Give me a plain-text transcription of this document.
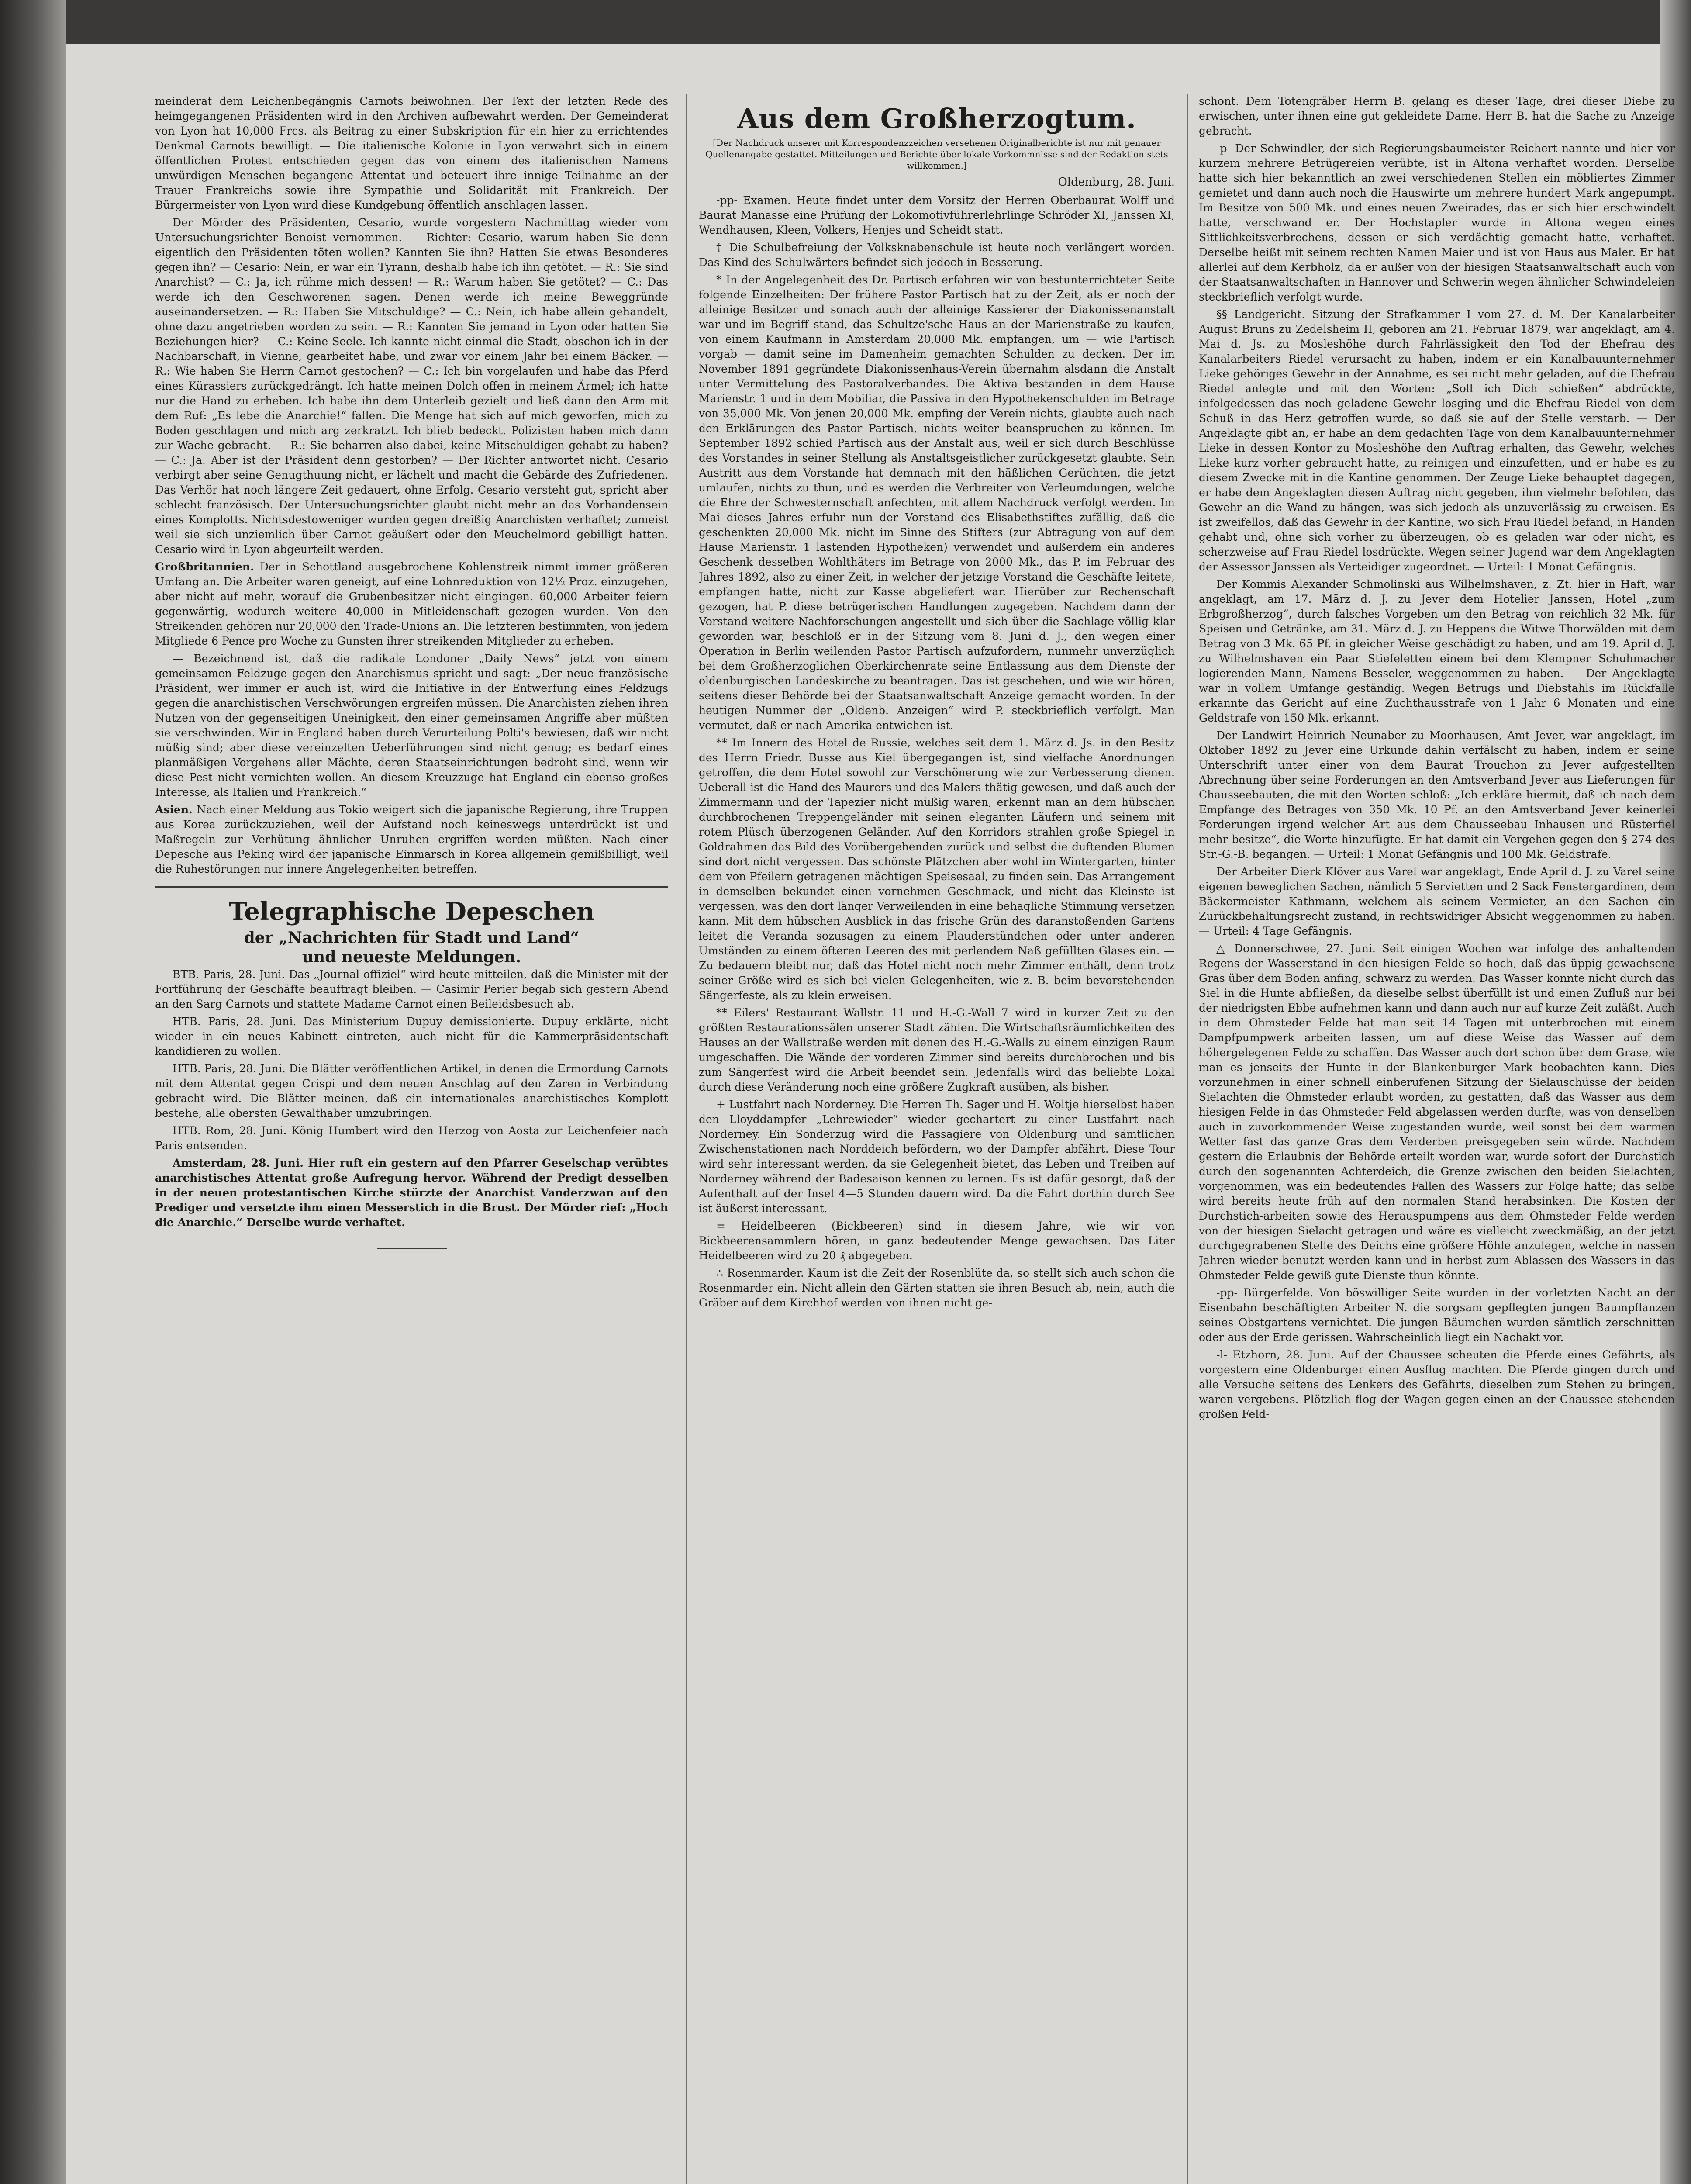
meinderat dem Leichenbegängnis Carnots beiwohnen. Der Text der letzten Rede des heimgegangenen Präsidenten wird in den Archiven aufbewahrt werden. Der Gemeinderat von Lyon hat 10,000 Frcs. als Beitrag zu einer Subskription für ein hier zu errichtendes Denkmal Carnots bewilligt. — Die italienische Kolonie in Lyon verwahrt sich in einem öffentlichen Protest entschieden gegen das von einem des italienischen Namens unwürdigen Menschen begangene Attentat und beteuert ihre innige Teilnahme an der Trauer Frankreichs sowie ihre Sympathie und Solidarität mit Frankreich. Der Bürgermeister von Lyon wird diese Kundgebung öffentlich anschlagen lassen.

Der Mörder des Präsidenten, Cesario, wurde vorgestern Nachmittag wieder vom Untersuchungsrichter Benoist vernommen. — Richter: Cesario, warum haben Sie denn eigentlich den Präsidenten töten wollen? Kannten Sie ihn? Hatten Sie etwas Besonderes gegen ihn? — Cesario: Nein, er war ein Tyrann, deshalb habe ich ihn getötet. — R.: Sie sind Anarchist? — C.: Ja, ich rühme mich dessen! — R.: Warum haben Sie getötet? — C.: Das werde ich den Geschworenen sagen. Denen werde ich meine Beweggründe auseinandersetzen. — R.: Haben Sie Mitschuldige? — C.: Nein, ich habe allein gehandelt, ohne dazu angetrieben worden zu sein. — R.: Kannten Sie jemand in Lyon oder hatten Sie Beziehungen hier? — C.: Keine Seele. Ich kannte nicht einmal die Stadt, obschon ich in der Nachbarschaft, in Vienne, gearbeitet habe, und zwar vor einem Jahr bei einem Bäcker. — R.: Wie haben Sie Herrn Carnot gestochen? — C.: Ich bin vorgelaufen und habe das Pferd eines Kürassiers zurückgedrängt. Ich hatte meinen Dolch offen in meinem Ärmel; ich hatte nur die Hand zu erheben. Ich habe ihn dem Unterleib gezielt und ließ dann den Arm mit dem Ruf: „Es lebe die Anarchie!“ fallen. Die Menge hat sich auf mich geworfen, mich zu Boden geschlagen und mich arg zerkratzt. Ich blieb bedeckt. Polizisten haben mich dann zur Wache gebracht. — R.: Sie beharren also dabei, keine Mitschuldigen gehabt zu haben? — C.: Ja. Aber ist der Präsident denn gestorben? — Der Richter antwortet nicht. Cesario verbirgt aber seine Genugthuung nicht, er lächelt und macht die Gebärde des Zufriedenen. Das Verhör hat noch längere Zeit gedauert, ohne Erfolg. Cesario versteht gut, spricht aber schlecht französisch. Der Untersuchungsrichter glaubt nicht mehr an das Vorhandensein eines Komplotts. Nichtsdestoweniger wurden gegen dreißig Anarchisten verhaftet; zumeist weil sie sich unziemlich über Carnot geäußert oder den Meuchelmord gebilligt hatten. Cesario wird in Lyon abgeurteilt werden.

Großbritannien. Der in Schottland ausgebrochene Kohlenstreik nimmt immer größeren Umfang an. Die Arbeiter waren geneigt, auf eine Lohnreduktion von 12½ Proz. einzugehen, aber nicht auf mehr, worauf die Grubenbesitzer nicht eingingen. 60,000 Arbeiter feiern gegenwärtig, wodurch weitere 40,000 in Mitleidenschaft gezogen wurden. Von den Streikenden gehören nur 20,000 den Trade-Unions an. Die letzteren bestimmten, von jedem Mitgliede 6 Pence pro Woche zu Gunsten ihrer streikenden Mitglieder zu erheben.

— Bezeichnend ist, daß die radikale Londoner „Daily News“ jetzt von einem gemeinsamen Feldzuge gegen den Anarchismus spricht und sagt: „Der neue französische Präsident, wer immer er auch ist, wird die Initiative in der Entwerfung eines Feldzugs gegen die anarchistischen Verschwörungen ergreifen müssen. Die Anarchisten ziehen ihren Nutzen von der gegenseitigen Uneinigkeit, den einer gemeinsamen Angriffe aber müßten sie verschwinden. Wir in England haben durch Verurteilung Polti's bewiesen, daß wir nicht müßig sind; aber diese vereinzelten Ueberführungen sind nicht genug; es bedarf eines planmäßigen Vorgehens aller Mächte, deren Staatseinrichtungen bedroht sind, wenn wir diese Pest nicht vernichten wollen. An diesem Kreuzzuge hat England ein ebenso großes Interesse, als Italien und Frankreich.“

Asien. Nach einer Meldung aus Tokio weigert sich die japanische Regierung, ihre Truppen aus Korea zurückzuziehen, weil der Aufstand noch keineswegs unterdrückt ist und Maßregeln zur Verhütung ähnlicher Unruhen ergriffen werden müßten. Nach einer Depesche aus Peking wird der japanische Einmarsch in Korea allgemein gemißbilligt, weil die Ruhestörungen nur innere Angelegenheiten betreffen.

Telegraphische Depeschen
der „Nachrichten für Stadt und Land“
und neueste Meldungen.

BTB. Paris, 28. Juni. Das „Journal offiziel“ wird heute mitteilen, daß die Minister mit der Fortführung der Geschäfte beauftragt bleiben. — Casimir Perier begab sich gestern Abend an den Sarg Carnots und stattete Madame Carnot einen Beileidsbesuch ab.

HTB. Paris, 28. Juni. Das Ministerium Dupuy demissionierte. Dupuy erklärte, nicht wieder in ein neues Kabinett eintreten, auch nicht für die Kammerpräsidentschaft kandidieren zu wollen.

HTB. Paris, 28. Juni. Die Blätter veröffentlichen Artikel, in denen die Ermordung Carnots mit dem Attentat gegen Crispi und dem neuen Anschlag auf den Zaren in Verbindung gebracht wird. Die Blätter meinen, daß ein internationales anarchistisches Komplott bestehe, alle obersten Gewalthaber umzubringen.

HTB. Rom, 28. Juni. König Humbert wird den Herzog von Aosta zur Leichenfeier nach Paris entsenden.

Amsterdam, 28. Juni. Hier ruft ein gestern auf den Pfarrer Geselschap verübtes anarchistisches Attentat große Aufregung hervor. Während der Predigt desselben in der neuen protestantischen Kirche stürzte der Anarchist Vanderzwan auf den Prediger und versetzte ihm einen Messerstich in die Brust. Der Mörder rief: „Hoch die Anarchie.“ Derselbe wurde verhaftet.

Aus dem Großherzogtum.
[Der Nachdruck unserer mit Korrespondenzzeichen versehenen Originalberichte ist nur mit genauer Quellenangabe gestattet. Mitteilungen und Berichte über lokale Vorkommnisse sind der Redaktion stets willkommen.]
Oldenburg, 28. Juni.

-pp- Examen. Heute findet unter dem Vorsitz der Herren Oberbaurat Wolff und Baurat Manasse eine Prüfung der Lokomotivführerlehrlinge Schröder XI, Janssen XI, Wendhausen, Kleen, Volkers, Henjes und Scheidt statt.

† Die Schulbefreiung der Volksknabenschule ist heute noch verlängert worden. Das Kind des Schulwärters befindet sich jedoch in Besserung.

* In der Angelegenheit des Dr. Partisch erfahren wir von bestunterrichteter Seite folgende Einzelheiten: Der frühere Pastor Partisch hat zu der Zeit, als er noch der alleinige Besitzer und sonach auch der alleinige Kassierer der Diakonissenanstalt war und im Begriff stand, das Schultze'sche Haus an der Marienstraße zu kaufen, von einem Kaufmann in Amsterdam 20,000 Mk. empfangen, um — wie Partisch vorgab — damit seine im Damenheim gemachten Schulden zu decken. Der im November 1891 gegründete Diakonissenhaus-Verein übernahm alsdann die Anstalt unter Vermittelung des Pastoralverbandes. Die Aktiva bestanden in dem Hause Marienstr. 1 und in dem Mobiliar, die Passiva in den Hypothekenschulden im Betrage von 35,000 Mk. Von jenen 20,000 Mk. empfing der Verein nichts, glaubte auch nach den Erklärungen des Pastor Partisch, nichts weiter beanspruchen zu können. Im September 1892 schied Partisch aus der Anstalt aus, weil er sich durch Beschlüsse des Vorstandes in seiner Stellung als Anstaltsgeistlicher zurückgesetzt glaubte. Sein Austritt aus dem Vorstande hat demnach mit den häßlichen Gerüchten, die jetzt umlaufen, nichts zu thun, und es werden die Verbreiter von Verleumdungen, welche die Ehre der Schwesternschaft anfechten, mit allem Nachdruck verfolgt werden. Im Mai dieses Jahres erfuhr nun der Vorstand des Elisabethstiftes zufällig, daß die geschenkten 20,000 Mk. nicht im Sinne des Stifters (zur Abtragung von auf dem Hause Marienstr. 1 lastenden Hypotheken) verwendet und außerdem ein anderes Geschenk desselben Wohlthäters im Betrage von 2000 Mk., das P. im Februar des Jahres 1892, also zu einer Zeit, in welcher der jetzige Vorstand die Geschäfte leitete, empfangen hatte, nicht zur Kasse abgeliefert war. Hierüber zur Rechenschaft gezogen, hat P. diese betrügerischen Handlungen zugegeben. Nachdem dann der Vorstand weitere Nachforschungen angestellt und sich über die Sachlage völlig klar geworden war, beschloß er in der Sitzung vom 8. Juni d. J., den wegen einer Operation in Berlin weilenden Pastor Partisch aufzufordern, nunmehr unverzüglich bei dem Großherzoglichen Oberkirchenrate seine Entlassung aus dem Dienste der oldenburgischen Landeskirche zu beantragen. Das ist geschehen, und wie wir hören, seitens dieser Behörde bei der Staatsanwaltschaft Anzeige gemacht worden. In der heutigen Nummer der „Oldenb. Anzeigen“ wird P. steckbrieflich verfolgt. Man vermutet, daß er nach Amerika entwichen ist.

** Im Innern des Hotel de Russie, welches seit dem 1. März d. Js. in den Besitz des Herrn Friedr. Busse aus Kiel übergegangen ist, sind vielfache Anordnungen getroffen, die dem Hotel sowohl zur Verschönerung wie zur Verbesserung dienen. Ueberall ist die Hand des Maurers und des Malers thätig gewesen, und daß auch der Zimmermann und der Tapezier nicht müßig waren, erkennt man an dem hübschen durchbrochenen Treppengeländer mit seinen eleganten Läufern und seinem mit rotem Plüsch überzogenen Geländer. Auf den Korridors strahlen große Spiegel in Goldrahmen das Bild des Vorübergehenden zurück und selbst die duftenden Blumen sind dort nicht vergessen. Das schönste Plätzchen aber wohl im Wintergarten, hinter dem von Pfeilern getragenen mächtigen Speisesaal, zu finden sein. Das Arrangement in demselben bekundet einen vornehmen Geschmack, und nicht das Kleinste ist vergessen, was den dort länger Verweilenden in eine behagliche Stimmung versetzen kann. Mit dem hübschen Ausblick in das frische Grün des daranstoßenden Gartens leitet die Veranda sozusagen zu einem Plauderstündchen oder unter anderen Umständen zu einem öfteren Leeren des mit perlendem Naß gefüllten Glases ein. — Zu bedauern bleibt nur, daß das Hotel nicht noch mehr Zimmer enthält, denn trotz seiner Größe wird es sich bei vielen Gelegenheiten, wie z. B. beim bevorstehenden Sängerfeste, als zu klein erweisen.

** Eilers' Restaurant Wallstr. 11 und H.-G.-Wall 7 wird in kurzer Zeit zu den größten Restaurationssälen unserer Stadt zählen. Die Wirtschaftsräumlichkeiten des Hauses an der Wallstraße werden mit denen des H.-G.-Walls zu einem einzigen Raum umgeschaffen. Die Wände der vorderen Zimmer sind bereits durchbrochen und bis zum Sängerfest wird die Arbeit beendet sein. Jedenfalls wird das beliebte Lokal durch diese Veränderung noch eine größere Zugkraft ausüben, als bisher.

+ Lustfahrt nach Norderney. Die Herren Th. Sager und H. Woltje hierselbst haben den Lloyddampfer „Lehrewieder“ wieder gechartert zu einer Lustfahrt nach Norderney. Ein Sonderzug wird die Passagiere von Oldenburg und sämtlichen Zwischenstationen nach Norddeich befördern, wo der Dampfer abfährt. Diese Tour wird sehr interessant werden, da sie Gelegenheit bietet, das Leben und Treiben auf Norderney während der Badesaison kennen zu lernen. Es ist dafür gesorgt, daß der Aufenthalt auf der Insel 4—5 Stunden dauern wird. Da die Fahrt dorthin durch See ist äußerst interessant.

= Heidelbeeren (Bickbeeren) sind in diesem Jahre, wie wir von Bickbeerensammlern hören, in ganz bedeutender Menge gewachsen. Das Liter Heidelbeeren wird zu 20 ₰ abgegeben.

∴ Rosenmarder. Kaum ist die Zeit der Rosenblüte da, so stellt sich auch schon die Rosenmarder ein. Nicht allein den Gärten statten sie ihren Besuch ab, nein, auch die Gräber auf dem Kirchhof werden von ihnen nicht ge-

schont. Dem Totengräber Herrn B. gelang es dieser Tage, drei dieser Diebe zu erwischen, unter ihnen eine gut gekleidete Dame. Herr B. hat die Sache zu Anzeige gebracht.

-p- Der Schwindler, der sich Regierungsbaumeister Reichert nannte und hier vor kurzem mehrere Betrügereien verübte, ist in Altona verhaftet worden. Derselbe hatte sich hier bekanntlich an zwei verschiedenen Stellen ein möbliertes Zimmer gemietet und dann auch noch die Hauswirte um mehrere hundert Mark angepumpt. Im Besitze von 500 Mk. und eines neuen Zweirades, das er sich hier erschwindelt hatte, verschwand er. Der Hochstapler wurde in Altona wegen eines Sittlichkeitsverbrechens, dessen er sich verdächtig gemacht hatte, verhaftet. Derselbe heißt mit seinem rechten Namen Maier und ist von Haus aus Maler. Er hat allerlei auf dem Kerbholz, da er außer von der hiesigen Staatsanwaltschaft auch von der Staatsanwaltschaften in Hannover und Schwerin wegen ähnlicher Schwindeleien steckbrieflich verfolgt wurde.

§§ Landgericht. Sitzung der Strafkammer I vom 27. d. M. Der Kanalarbeiter August Bruns zu Zedelsheim II, geboren am 21. Februar 1879, war angeklagt, am 4. Mai d. Js. zu Mosleshöhe durch Fahrlässigkeit den Tod der Ehefrau des Kanalarbeiters Riedel verursacht zu haben, indem er ein Kanalbauunternehmer Lieke gehöriges Gewehr in der Annahme, es sei nicht mehr geladen, auf die Ehefrau Riedel anlegte und mit den Worten: „Soll ich Dich schießen“ abdrückte, infolgedessen das noch geladene Gewehr losging und die Ehefrau Riedel von dem Schuß in das Herz getroffen wurde, so daß sie auf der Stelle verstarb. — Der Angeklagte gibt an, er habe an dem gedachten Tage von dem Kanalbauunternehmer Lieke in dessen Kontor zu Mosleshöhe den Auftrag erhalten, das Gewehr, welches Lieke kurz vorher gebraucht hatte, zu reinigen und einzufetten, und er habe es zu diesem Zwecke mit in die Kantine genommen. Der Zeuge Lieke behauptet dagegen, er habe dem Angeklagten diesen Auftrag nicht gegeben, ihm vielmehr befohlen, das Gewehr an die Wand zu hängen, was sich jedoch als unzuverlässig zu erweisen. Es ist zweifellos, daß das Gewehr in der Kantine, wo sich Frau Riedel befand, in Händen gehabt und, ohne sich vorher zu überzeugen, ob es geladen war oder nicht, es scherzweise auf Frau Riedel losdrückte. Wegen seiner Jugend war dem Angeklagten der Assessor Janssen als Verteidiger zugeordnet. — Urteil: 1 Monat Gefängnis.

Der Kommis Alexander Schmolinski aus Wilhelmshaven, z. Zt. hier in Haft, war angeklagt, am 17. März d. J. zu Jever dem Hotelier Janssen, Hotel „zum Erbgroßherzog“, durch falsches Vorgeben um den Betrag von reichlich 32 Mk. für Speisen und Getränke, am 31. März d. J. zu Heppens die Witwe Thorwälden mit dem Betrag von 3 Mk. 65 Pf. in gleicher Weise geschädigt zu haben, und am 19. April d. J. zu Wilhelmshaven ein Paar Stiefeletten einem bei dem Klempner Schuhmacher logierenden Mann, Namens Besseler, weggenommen zu haben. — Der Angeklagte war in vollem Umfange geständig. Wegen Betrugs und Diebstahls im Rückfalle erkannte das Gericht auf eine Zuchthausstrafe von 1 Jahr 6 Monaten und eine Geldstrafe von 150 Mk. erkannt.

Der Landwirt Heinrich Neunaber zu Moorhausen, Amt Jever, war angeklagt, im Oktober 1892 zu Jever eine Urkunde dahin verfälscht zu haben, indem er seine Unterschrift unter einer von dem Baurat Trouchon zu Jever aufgestellten Abrechnung über seine Forderungen an den Amtsverband Jever aus Lieferungen für Chausseebauten, die mit den Worten schloß: „Ich erkläre hiermit, daß ich nach dem Empfange des Betrages von 350 Mk. 10 Pf. an den Amtsverband Jever keinerlei Forderungen irgend welcher Art aus dem Chausseebau Inhausen und Rüsterfiel mehr besitze“, die Worte hinzufügte. Er hat damit ein Vergehen gegen den § 274 des Str.-G.-B. begangen. — Urteil: 1 Monat Gefängnis und 100 Mk. Geldstrafe.

Der Arbeiter Dierk Klöver aus Varel war angeklagt, Ende April d. J. zu Varel seine eigenen beweglichen Sachen, nämlich 5 Servietten und 2 Sack Fenstergardinen, dem Bäckermeister Kathmann, welchem als seinem Vermieter, an den Sachen ein Zurückbehaltungsrecht zustand, in rechtswidriger Absicht weggenommen zu haben. — Urteil: 4 Tage Gefängnis.

△ Donnerschwee, 27. Juni. Seit einigen Wochen war infolge des anhaltenden Regens der Wasserstand in den hiesigen Felde so hoch, daß das üppig gewachsene Gras über dem Boden anfing, schwarz zu werden. Das Wasser konnte nicht durch das Siel in die Hunte abfließen, da dieselbe selbst überfüllt ist und einen Zufluß nur bei der niedrigsten Ebbe aufnehmen kann und dann auch nur auf kurze Zeit zuläßt. Auch in dem Ohmsteder Felde hat man seit 14 Tagen mit unterbrochen mit einem Dampfpumpwerk arbeiten lassen, um auf diese Weise das Wasser auf dem höhergelegenen Felde zu schaffen. Das Wasser auch dort schon über dem Grase, wie man es jenseits der Hunte in der Blankenburger Mark beobachten kann. Dies vorzunehmen in einer schnell einberufenen Sitzung der Sielauschüsse der beiden Sielachten die Ohmsteder erlaubt worden, zu gestatten, daß das Wasser aus dem hiesigen Felde in das Ohmsteder Feld abgelassen werden durfte, was von denselben auch in zuvorkommender Weise zugestanden wurde, weil sonst bei dem warmen Wetter fast das ganze Gras dem Verderben preisgegeben sein würde. Nachdem gestern die Erlaubnis der Behörde erteilt worden war, wurde sofort der Durchstich durch den sogenannten Achterdeich, die Grenze zwischen den beiden Sielachten, vorgenommen, was ein bedeutendes Fallen des Wassers zur Folge hatte; das selbe wird bereits heute früh auf den normalen Stand herabsinken. Die Kosten der Durchstich-arbeiten sowie des Herauspumpens aus dem Ohmsteder Felde werden von der hiesigen Sielacht getragen und wäre es vielleicht zweckmäßig, an der jetzt durchgegrabenen Stelle des Deichs eine größere Höhle anzulegen, welche in nassen Jahren wieder benutzt werden kann und in herbst zum Ablassen des Wassers in das Ohmsteder Felde gewiß gute Dienste thun könnte.

-pp- Bürgerfelde. Von böswilliger Seite wurden in der vorletzten Nacht an der Eisenbahn beschäftigten Arbeiter N. die sorgsam gepflegten jungen Baumpflanzen seines Obstgartens vernichtet. Die jungen Bäumchen wurden sämtlich zerschnitten oder aus der Erde gerissen. Wahrscheinlich liegt ein Nachakt vor.

-l- Etzhorn, 28. Juni. Auf der Chaussee scheuten die Pferde eines Gefährts, als vorgestern eine Oldenburger einen Ausflug machten. Die Pferde gingen durch und alle Versuche seitens des Lenkers des Gefährts, dieselben zum Stehen zu bringen, waren vergebens. Plötzlich flog der Wagen gegen einen an der Chaussee stehenden großen Feld-
